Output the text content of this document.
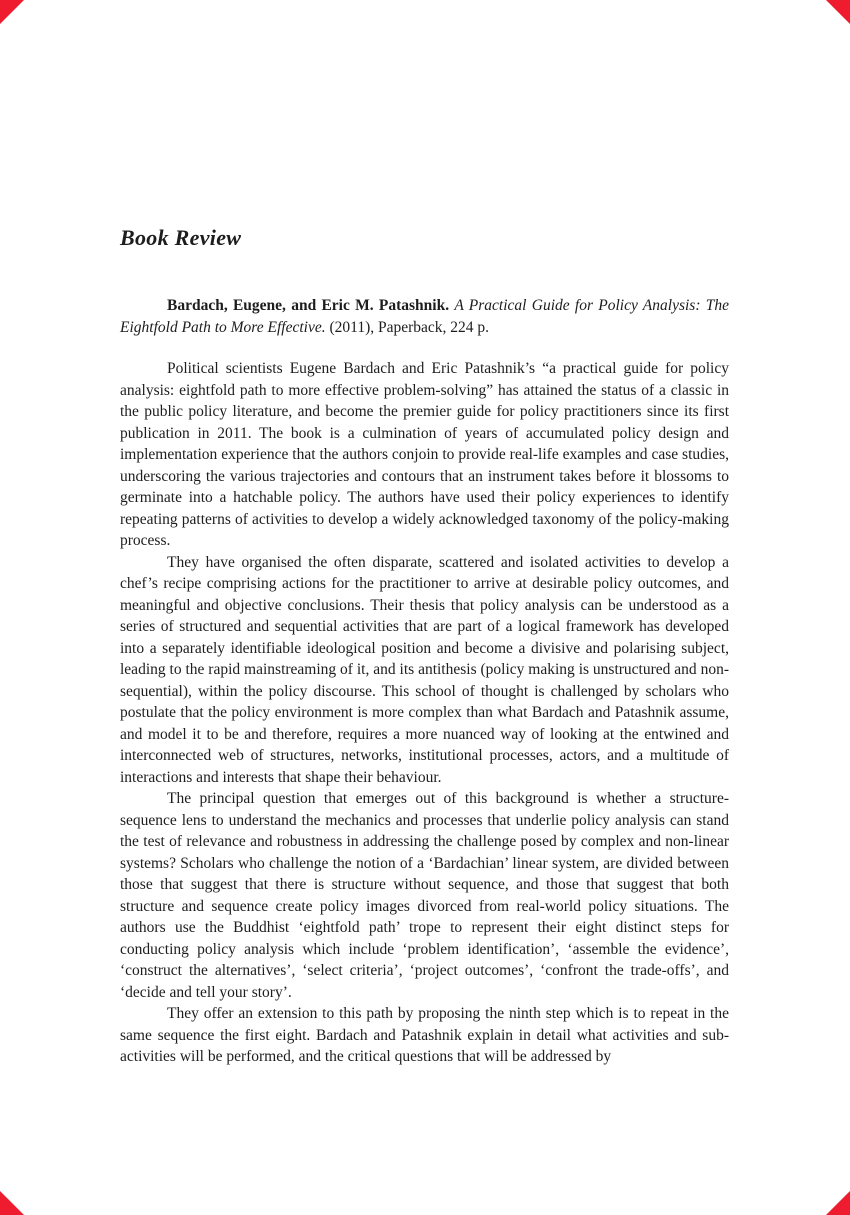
Book Review

Bardach, Eugene, and Eric M. Patashnik. A Practical Guide for Policy Analysis: The Eightfold Path to More Effective. (2011), Paperback, 224 p.

Political scientists Eugene Bardach and Eric Patashnik’s “a practical guide for policy analysis: eightfold path to more effective problem-solving” has attained the status of a classic in the public policy literature, and become the premier guide for policy practitioners since its first publication in 2011. The book is a culmination of years of accumulated policy design and implementation experience that the authors conjoin to provide real-life examples and case studies, underscoring the various trajectories and contours that an instrument takes before it blossoms to germinate into a hatchable policy. The authors have used their policy experiences to identify repeating patterns of activities to develop a widely acknowledged taxonomy of the policy-making process.

They have organised the often disparate, scattered and isolated activities to develop a chef’s recipe comprising actions for the practitioner to arrive at desirable policy outcomes, and meaningful and objective conclusions. Their thesis that policy analysis can be understood as a series of structured and sequential activities that are part of a logical framework has developed into a separately identifiable ideological position and become a divisive and polarising subject, leading to the rapid mainstreaming of it, and its antithesis (policy making is unstructured and non-sequential), within the policy discourse. This school of thought is challenged by scholars who postulate that the policy environment is more complex than what Bardach and Patashnik assume, and model it to be and therefore, requires a more nuanced way of looking at the entwined and interconnected web of structures, networks, institutional processes, actors, and a multitude of interactions and interests that shape their behaviour.

The principal question that emerges out of this background is whether a structure-sequence lens to understand the mechanics and processes that underlie policy analysis can stand the test of relevance and robustness in addressing the challenge posed by complex and non-linear systems? Scholars who challenge the notion of a ‘Bardachian’ linear system, are divided between those that suggest that there is structure without sequence, and those that suggest that both structure and sequence create policy images divorced from real-world policy situations. The authors use the Buddhist ‘eightfold path’ trope to represent their eight distinct steps for conducting policy analysis which include ‘problem identification’, ‘assemble the evidence’, ‘construct the alternatives’, ‘select criteria’, ‘project outcomes’, ‘confront the trade-offs’, and ‘decide and tell your story’.

They offer an extension to this path by proposing the ninth step which is to repeat in the same sequence the first eight. Bardach and Patashnik explain in detail what activities and sub-activities will be performed, and the critical questions that will be addressed by
